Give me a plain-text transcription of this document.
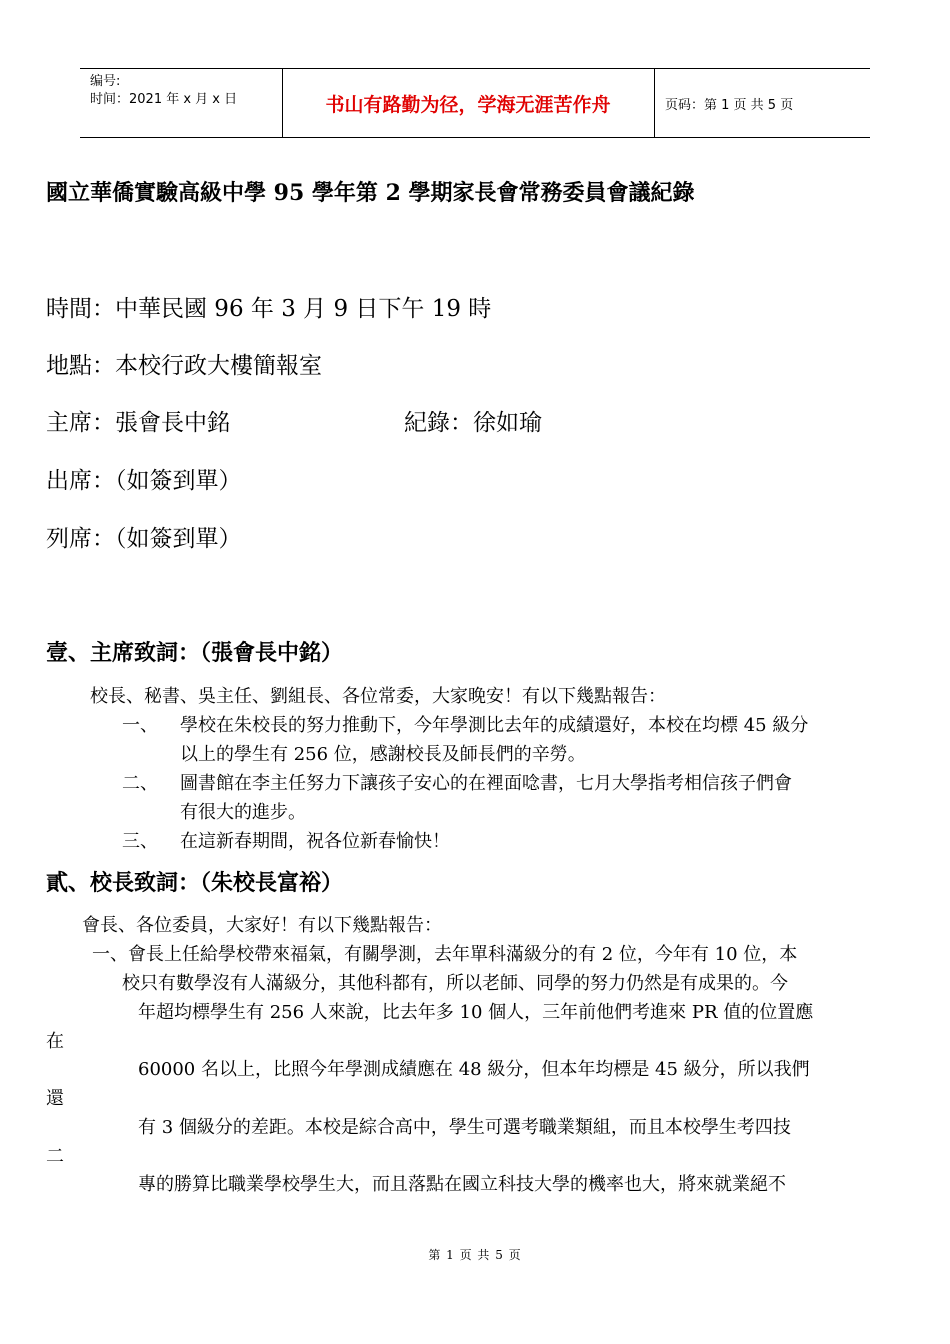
编号:
时间：2021 年 x 月 x 日	书山有路勤为径，学海无涯苦作舟	页码：第 1 页 共 5 页
國立華僑實驗高級中學 95 學年第 2 學期家長會常務委員會議紀錄
時間：中華民國 96 年 3 月 9 日下午 19 時
地點：本校行政大樓簡報室
主席：張會長中銘	紀錄：徐如瑜
出席：（如簽到單）
列席：（如簽到單）
壹、主席致詞：（張會長中銘）
校長、秘書、吳主任、劉組長、各位常委，大家晚安！有以下幾點報告：
一、 學校在朱校長的努力推動下，今年學測比去年的成績還好，本校在均標 45 級分
以上的學生有 256 位，感謝校長及師長們的辛勞。
二、 圖書館在李主任努力下讓孩子安心的在裡面唸書，七月大學指考相信孩子們會
有很大的進步。
三、 在這新春期間，祝各位新春愉快！
貳、校長致詞：（朱校長富裕）
會長、各位委員，大家好！有以下幾點報告：
一、會長上任給學校帶來福氣，有關學測，去年單科滿級分的有 2 位，今年有 10 位，本
校只有數學沒有人滿級分，其他科都有，所以老師、同學的努力仍然是有成果的。今
年超均標學生有 256 人來說，比去年多 10 個人，三年前他們考進來 PR 值的位置應
在
60000 名以上，比照今年學測成績應在 48 級分，但本年均標是 45 級分，所以我們
還
有 3 個級分的差距。本校是綜合高中，學生可選考職業類組，而且本校學生考四技
二
專的勝算比職業學校學生大，而且落點在國立科技大學的機率也大，將來就業絕不
第 1 页 共 5 页
